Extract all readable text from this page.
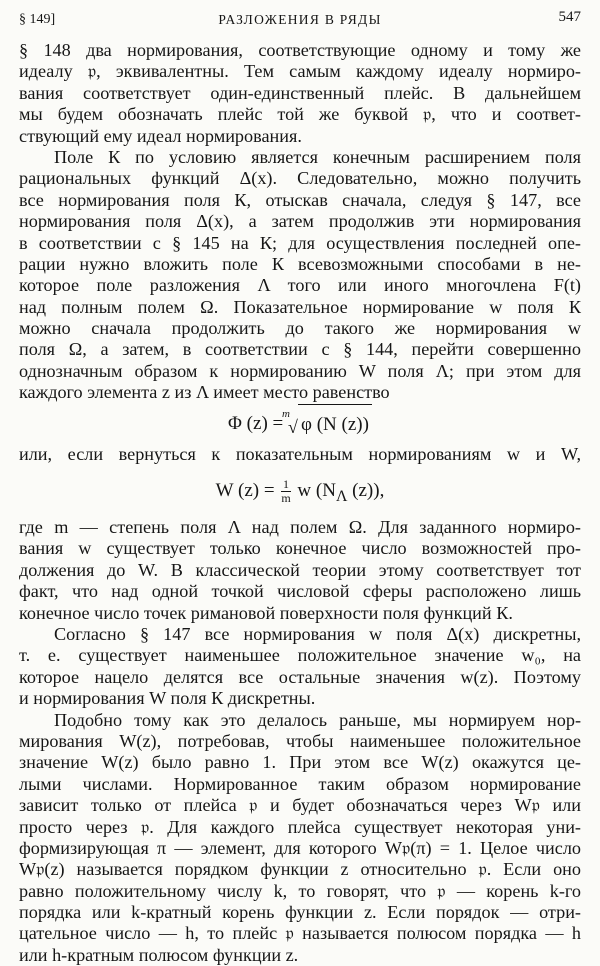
§ 149]	РАЗЛОЖЕНИЯ В РЯДЫ	547

§ 148 два нормирования, соответствующие одному и тому же
идеалу 𝔭, эквивалентны. Тем самым каждому идеалу нормиро-
вания соответствует один-единственный плейс. В дальнейшем
мы будем обозначать плейс той же буквой 𝔭, что и соответ-
ствующий ему идеал нормирования.

Поле К по условию является конечным расширением поля
рациональных функций Δ(x). Следовательно, можно получить
все нормирования поля К, отыскав сначала, следуя § 147, все
нормирования поля Δ(x), а затем продолжив эти нормирования
в соответствии с § 145 на К; для осуществления последней опе-
рации нужно вложить поле К всевозможными способами в не-
которое поле разложения Λ того или иного многочлена F(t)
над полным полем Ω. Показательное нормирование w поля К
можно сначала продолжить до такого же нормирования w
поля Ω, а затем, в соответствии с § 144, перейти совершенно
однозначным образом к нормированию W поля Λ; при этом для
каждого элемента z из Λ имеет место равенство

Φ (z) =
m
√ φ (N (z))

или, если вернуться к показательным нормированиям w и W,

W $(z) = \frac{1}{m}$ w ($N_\Lambda$ (z)),

где m — степень поля Λ над полем Ω. Для заданного нормиро-
вания w существует только конечное число возможностей про-
должения до W. В классической теории этому соответствует тот
факт, что над одной точкой числовой сферы расположено лишь
конечное число точек римановой поверхности поля функций К.

Согласно § 147 все нормирования w поля Δ(x) дискретны,
т. е. существует наименьшее положительное значение w₀, на
которое нацело делятся все остальные значения w(z). Поэтому
и нормирования W поля К дискретны.

Подобно тому как это делалось раньше, мы нормируем нор-
мирования W(z), потребовав, чтобы наименьшее положительное
значение W(z) было равно 1. При этом все W(z) окажутся це-
лыми числами. Нормированное таким образом нормирование
зависит только от плейса 𝔭 и будет обозначаться через W𝔭 или
просто через 𝔭. Для каждого плейса существует некоторая уни-
формизирующая π — элемент, для которого W𝔭(π) = 1. Целое число
W𝔭(z) называется порядком функции z относительно 𝔭. Если оно
равно положительному числу k, то говорят, что 𝔭 — корень k-го
порядка или k-кратный корень функции z. Если порядок — отри-
цательное число — h, то плейс 𝔭 называется полюсом порядка — h
или h-кратным полюсом функции z.
